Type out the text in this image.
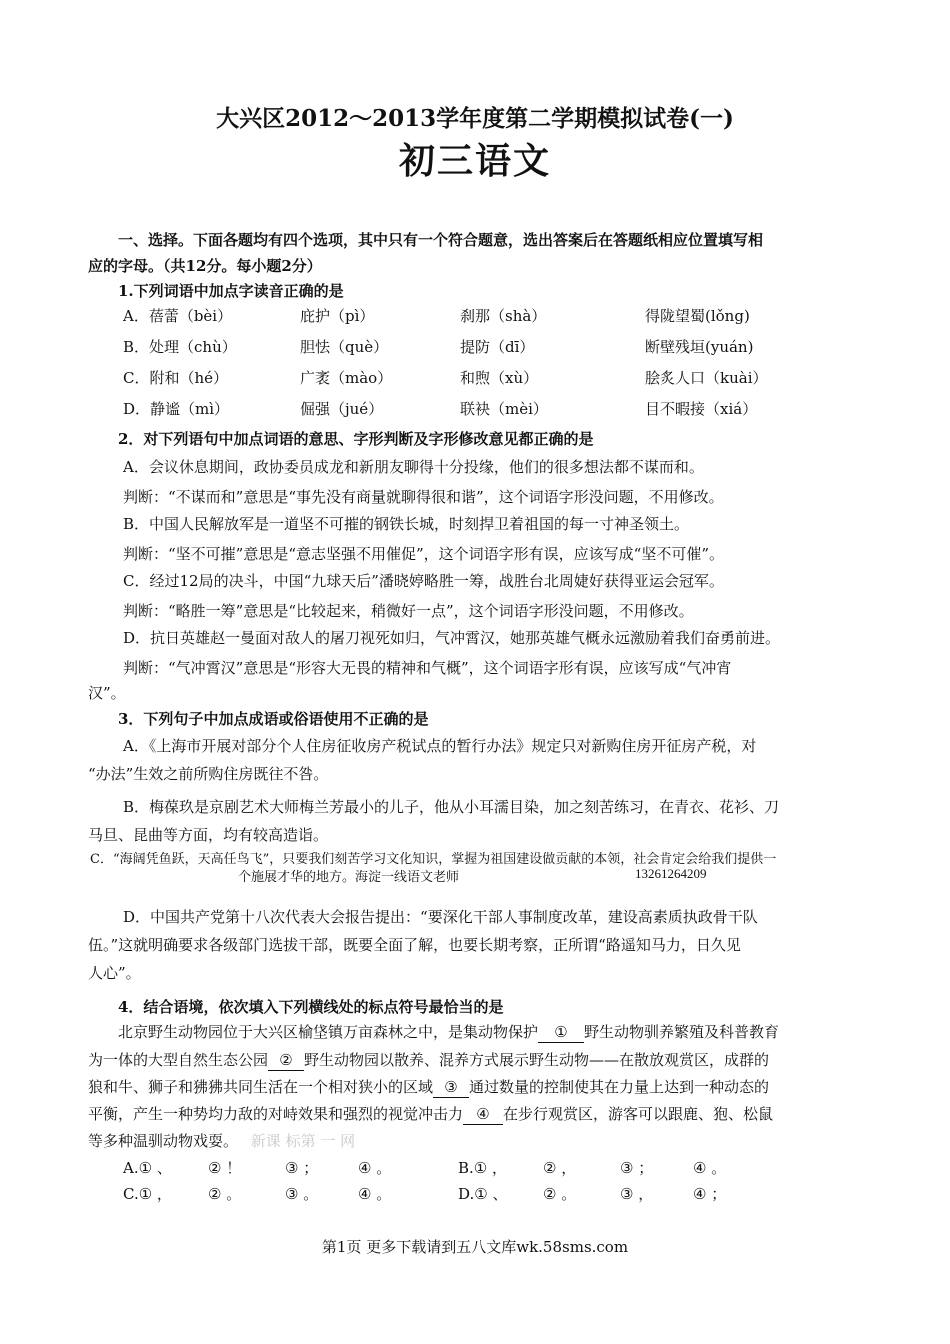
大兴区2012～2013学年度第二学期模拟试卷(一)
初三语文
一、选择。下面各题均有四个选项，其中只有一个符合题意，选出答案后在答题纸相应位置填写相
应的字母。（共12分。每小题2分）
1.下列词语中加点字读音正确的是
A．蓓蕾（bèi）	庇护（pì）	刹那（shà）	得陇望蜀(lǒng)
B．处理（chù）	胆怯（què）	提防（dī）	断壁残垣(yuán)
C．附和（hé）	广袤（mào）	和煦（xù）	脍炙人口（kuài）
D．静谧（mì）	倔强（jué）	联袂（mèi）	目不暇接（xiá）
2．对下列语句中加点词语的意思、字形判断及字形修改意见都正确的是
A．会议休息期间，政协委员成龙和新朋友聊得十分投缘，他们的很多想法都不谋而和。
判断：“不谋而和”意思是“事先没有商量就聊得很和谐”，这个词语字形没问题，不用修改。
B．中国人民解放军是一道坚不可摧的钢铁长城，时刻捍卫着祖国的每一寸神圣领土。
判断：“坚不可摧”意思是“意志坚强不用催促”，这个词语字形有误，应该写成“坚不可催”。
C．经过12局的决斗，中国“九球天后”潘晓婷略胜一筹，战胜台北周婕好获得亚运会冠军。
判断：“略胜一筹”意思是“比较起来，稍微好一点”，这个词语字形没问题，不用修改。
D．抗日英雄赵一曼面对敌人的屠刀视死如归，气冲霄汉，她那英雄气概永远激励着我们奋勇前进。
判断：“气冲霄汉”意思是“形容大无畏的精神和气概”，这个词语字形有误，应该写成“气冲宵
汉”。
3．下列句子中加点成语或俗语使用不正确的是
A．《上海市开展对部分个人住房征收房产税试点的暂行办法》规定只对新购住房开征房产税，对
“办法”生效之前所购住房既往不咎。
B．梅葆玖是京剧艺术大师梅兰芳最小的儿子，他从小耳濡目染，加之刻苦练习，在青衣、花衫、刀
马旦、昆曲等方面，均有较高造诣。
C．“海阔凭鱼跃，天高任鸟飞”，只要我们刻苦学习文化知识，掌握为祖国建设做贡献的本领，社会肯定会给我们提供一
个施展才华的地方。海淀一线语文老师	13261264209
D．中国共产党第十八次代表大会报告提出：“要深化干部人事制度改革，建设高素质执政骨干队
伍。”这就明确要求各级部门选拔干部，既要全面了解，也要长期考察，正所谓“路遥知马力，日久见
人心”。
4．结合语境，依次填入下列横线处的标点符号最恰当的是
北京野生动物园位于大兴区榆垡镇万亩森林之中，是集动物保护 ① 野生动物驯养繁殖及科普教育
为一体的大型自然生态公园 ② 野生动物园以散养、混养方式展示野生动物——在散放观赏区，成群的
狼和牛、狮子和狒狒共同生活在一个相对狭小的区域 ③ 通过数量的控制使其在力量上达到一种动态的
平衡，产生一种势均力敌的对峙效果和强烈的视觉冲击力 ④ 在步行观赏区，游客可以跟鹿、狍、松鼠
等多种温驯动物戏耍。 新课 标第 一 网
A.① 、 ② ！	③ ；	④ 。	B.① ， ② ，	③ ；	④ 。
C.① ， ② 。	③ 。	④ 。	D.① 、 ② 。	③ ，	④ ；
第1页 更多下载请到五八文库wk.58sms.com
